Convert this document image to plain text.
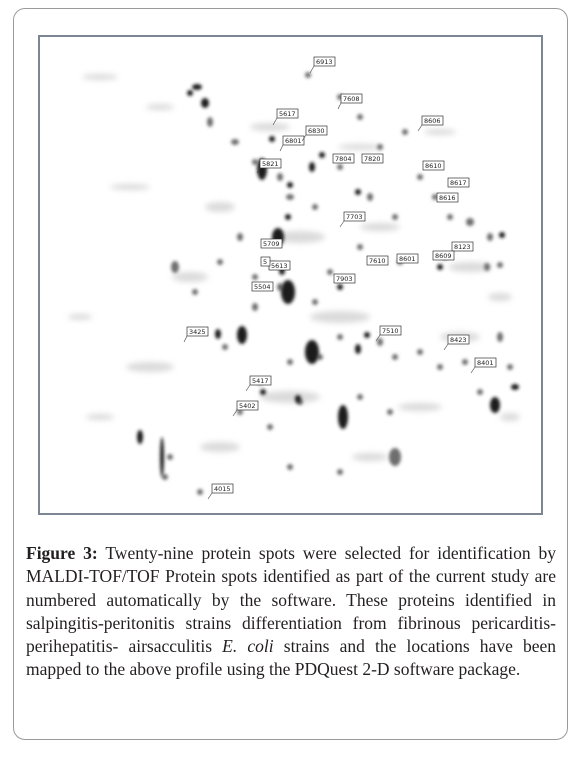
6913
7608
5617
6830
8606
6801
7804 7820
5821	8610
8617
8616
7703
8123
5709
8609
7610 8601
5613
7903
5504
5
3425	7510
8423
8401
5417
5402
4015
Figure 3: Twenty-nine protein spots were selected for identification by MALDI-TOF/TOF Protein spots identified as part of the current study are numbered automatically by the software. These proteins identified in salpingitis-peritonitis strains differentiation from fibrinous pericarditis-perihepatitis- airsacculitis E. coli strains and the locations have been mapped to the above profile using the PDQuest 2-D software package.
